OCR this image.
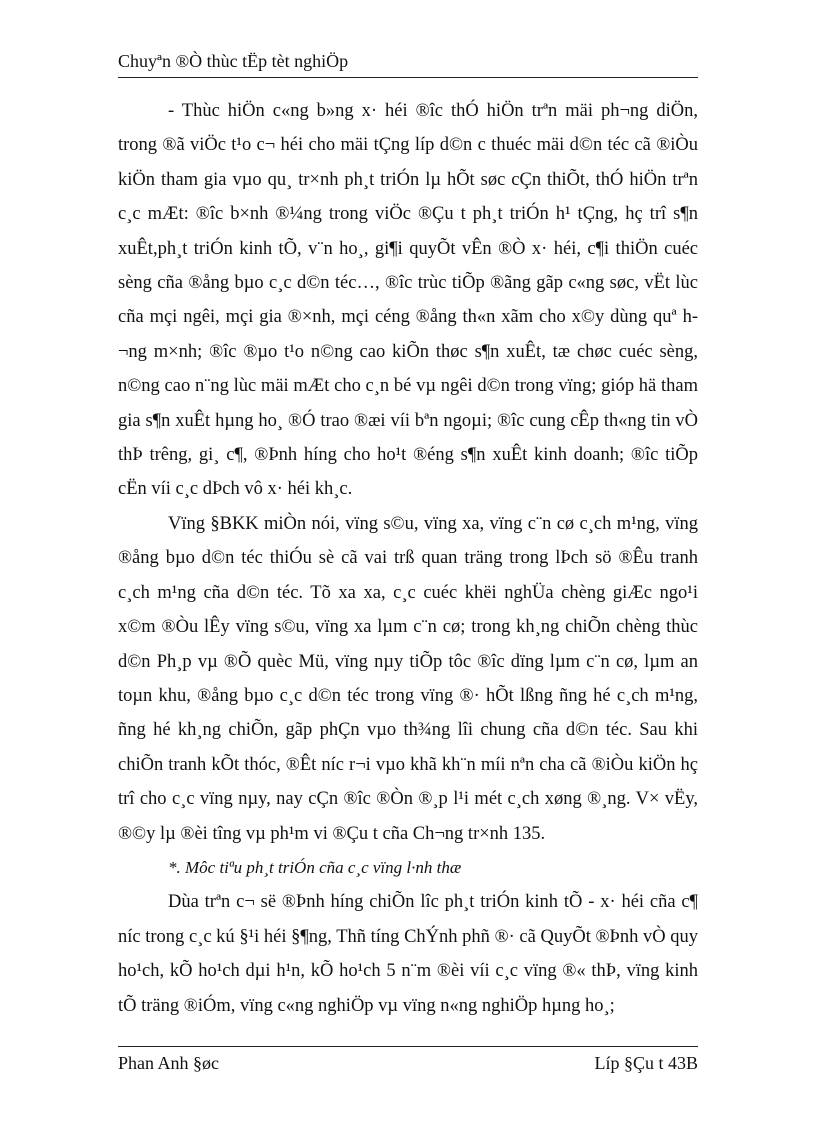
Chuyªn ®Ò thùc tËp tèt nghiÖp

- Thùc hiÖn c«ng b»ng x· héi ®îc thÓ hiÖn trªn mäi ph¬ng diÖn, trong ®ã viÖc t¹o c¬ héi cho mäi tÇng líp d©n c thuéc mäi d©n téc cã ®iÒu kiÖn tham gia vµo qu¸ tr×nh ph¸t triÓn lµ hÕt søc cÇn thiÕt, thÓ hiÖn trªn c¸c mÆt: ®îc b×nh ®¼ng trong viÖc ®Çu t ph¸t triÓn h¹ tÇng, hç trî s¶n xuÊt,ph¸t triÓn kinh tÕ, v¨n ho¸, gi¶i quyÕt vÊn ®Ò x· héi, c¶i thiÖn cuéc sèng cña ®ång bµo c¸c d©n téc…, ®îc trùc tiÕp ®ãng gãp c«ng søc, vËt lùc cña mçi ngêi, mçi gia ®×nh, mçi céng ®ång th«n xãm cho x©y dùng quª h¬ng m×nh; ®îc ®µo t¹o n©ng cao kiÕn thøc s¶n xuÊt, tæ chøc cuéc sèng, n©ng cao n¨ng lùc mäi mÆt cho c¸n bé vµ ngêi d©n trong vïng; gióp hä tham gia s¶n xuÊt hµng ho¸ ®Ó trao ®æi víi bªn ngoµi; ®îc cung cÊp th«ng tin vÒ thÞ trêng, gi¸ c¶, ®Þnh híng cho ho¹t ®éng s¶n xuÊt kinh doanh; ®îc tiÕp cËn víi c¸c dÞch vô x· héi kh¸c.

Vïng §BKK miÒn nói, vïng s©u, vïng xa, vïng c¨n cø c¸ch m¹ng, vïng ®ång bµo d©n téc thiÓu sè cã vai trß quan träng trong lÞch sö ®Êu tranh c¸ch m¹ng cña d©n téc. Tõ xa xa, c¸c cuéc khëi nghÜa chèng giÆc ngo¹i x©m ®Òu lÊy vïng s©u, vïng xa lµm c¨n cø; trong kh¸ng chiÕn chèng thùc d©n Ph¸p vµ ®Õ quèc Mü, vïng nµy tiÕp tôc ®îc dïng lµm c¨n cø, lµm an toµn khu, ®ång bµo c¸c d©n téc trong vïng ®· hÕt lßng ñng hé c¸ch m¹ng, ñng hé kh¸ng chiÕn, gãp phÇn vµo th¾ng lîi chung cña d©n téc. Sau khi chiÕn tranh kÕt thóc, ®Êt níc r¬i vµo khã kh¨n míi nªn cha cã ®iÒu kiÖn hç trî cho c¸c vïng nµy, nay cÇn ®îc ®Òn ®¸p l¹i mét c¸ch xøng ®¸ng. V× vËy, ®©y lµ ®èi tîng vµ ph¹m vi ®Çu t cña Ch¬ng tr×nh 135.

*. Môc tiªu ph¸t triÓn cña c¸c vïng l·nh thæ

Dùa trªn c¬ së ®Þnh híng chiÕn lîc ph¸t triÓn kinh tÕ - x· héi cña c¶ níc trong c¸c kú §¹i héi §¶ng, Thñ tíng ChÝnh phñ ®· cã QuyÕt ®Þnh vÒ quy ho¹ch, kÕ ho¹ch dµi h¹n, kÕ ho¹ch 5 n¨m ®èi víi c¸c vïng ®« thÞ, vïng kinh tÕ träng ®iÓm, vïng c«ng nghiÖp vµ vïng n«ng nghiÖp hµng ho¸;

Phan Anh §øc	Líp §Çu t 43B
